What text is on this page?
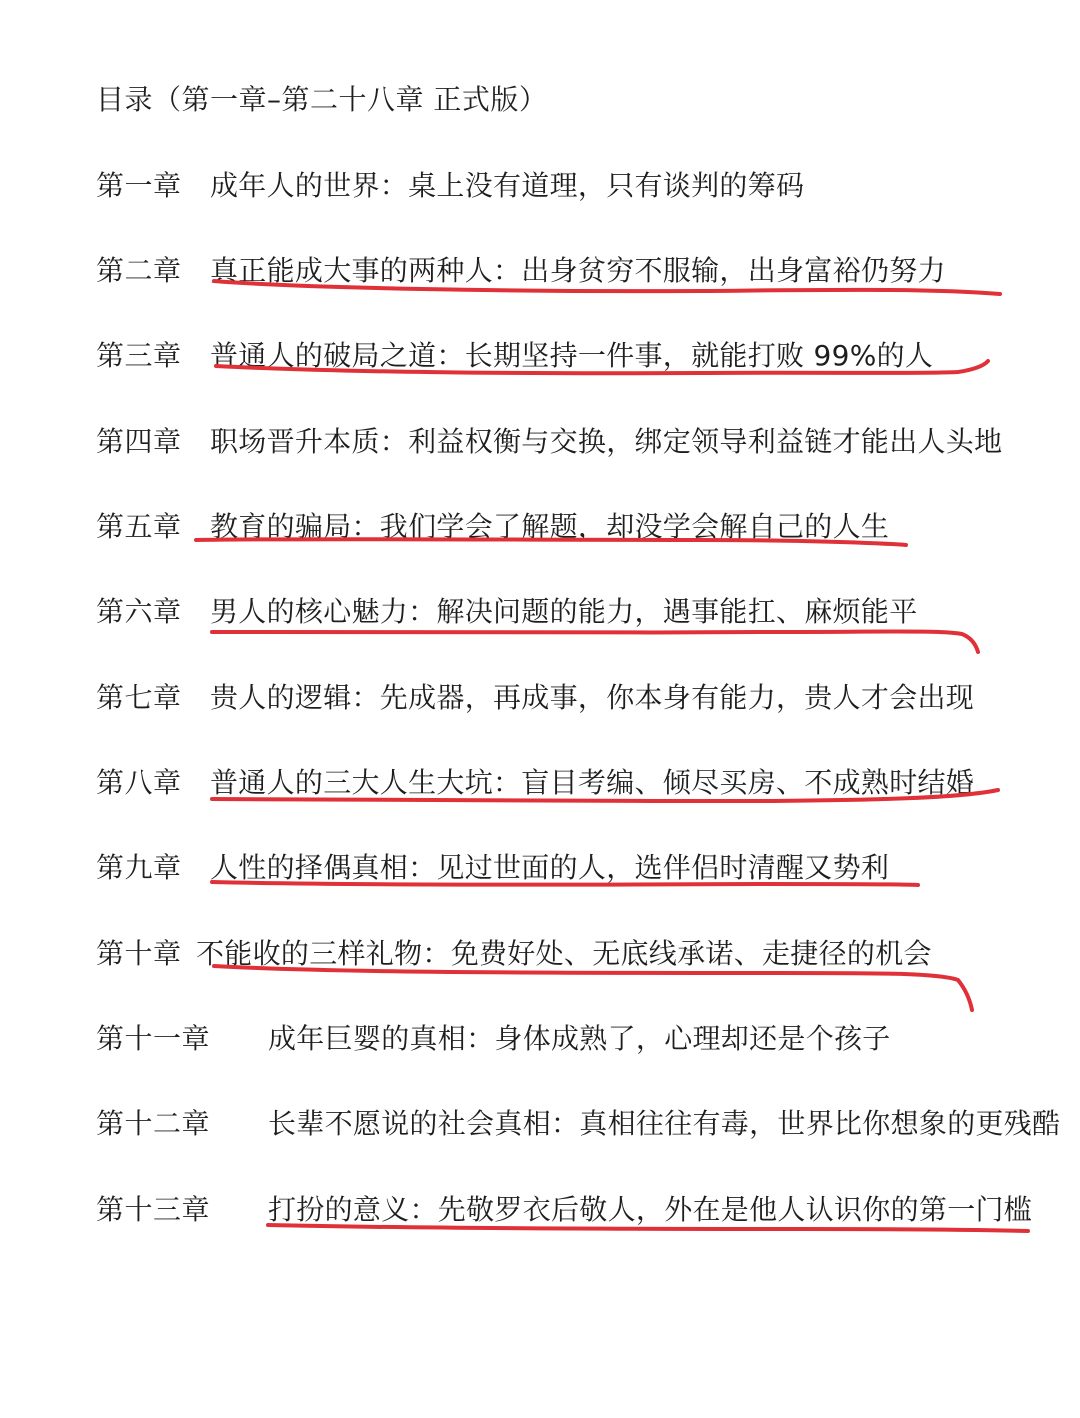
目录（第一章–第二十八章 正式版）
第一章 成年人的世界：桌上没有道理，只有谈判的筹码
第二章 真正能成大事的两种人：出身贫穷不服输，出身富裕仍努力
第三章 普通人的破局之道：长期坚持一件事，就能打败 99%的人
第四章 职场晋升本质：利益权衡与交换，绑定领导利益链才能出人头地
第五章 教育的骗局：我们学会了解题，却没学会解自己的人生
第六章 男人的核心魅力：解决问题的能力，遇事能扛、麻烦能平
第七章 贵人的逻辑：先成器，再成事，你本身有能力，贵人才会出现
第八章 普通人的三大人生大坑：盲目考编、倾尽买房、不成熟时结婚
第九章 人性的择偶真相：见过世面的人，选伴侣时清醒又势利
第十章 不能收的三样礼物：免费好处、无底线承诺、走捷径的机会
第十一章 成年巨婴的真相：身体成熟了，心理却还是个孩子
第十二章 长辈不愿说的社会真相：真相往往有毒，世界比你想象的更残酷
第十三章 打扮的意义：先敬罗衣后敬人，外在是他人认识你的第一门槛
